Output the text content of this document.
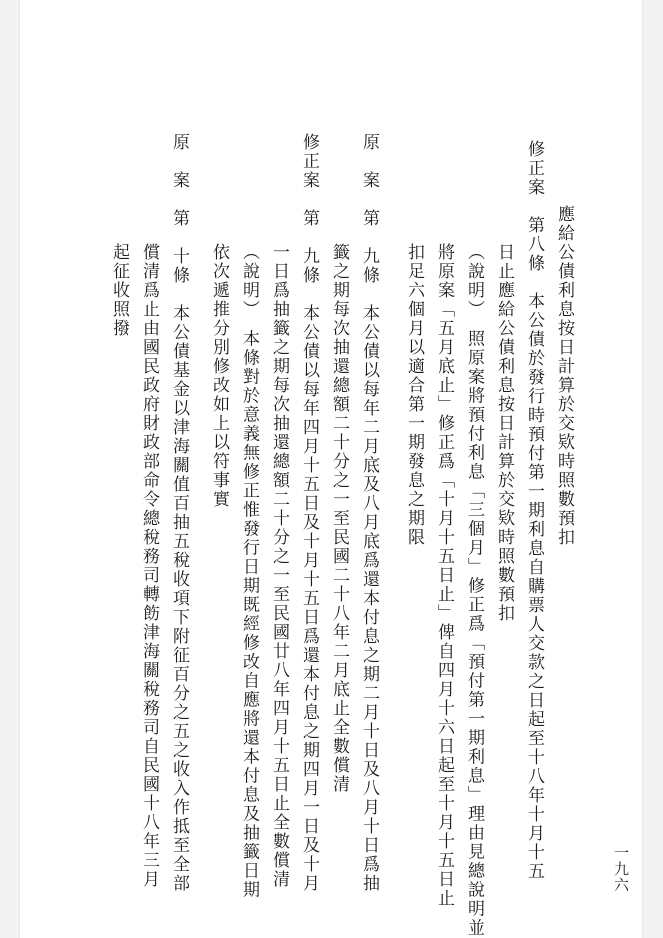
應給公債利息按日計算於交欵時照數預扣
修正案　第八條　本公債於發行時預付第一期利息自購票人交款之日起至十八年十月十五
日止應給公債利息按日計算於交欵時照數預扣
（說明）　照原案將預付利息「三個月」修正爲「預付第一期利息」理由見總說明並
將原案「五月底止」修正爲「十月十五日止」俾自四月十六日起至十月十五日止
扣足六個月以適合第一期發息之期限
原　案　第　九條　本公債以每年二月底及八月底爲還本付息之期二月十日及八月十日爲抽
籤之期每次抽還總額二十分之一至民國二十八年二月底止全數償清
修正案　第　九條　本公債以每年四月十五日及十月十五日爲還本付息之期四月一日及十月
一日爲抽籤之期每次抽還總額二十分之一至民國廿八年四月十五日止全數償清
（說明）　本條對於意義無修正惟發行日期既經修改自應將還本付息及抽籤日期
依次遞推分別修改如上以符事實
原　案　第　十條　本公債基金以津海關值百抽五稅收項下附征百分之五之收入作抵至全部
償清爲止由國民政府財政部命令總稅務司轉飭津海關稅務司自民國十八年三月
起征收照撥
一九六
